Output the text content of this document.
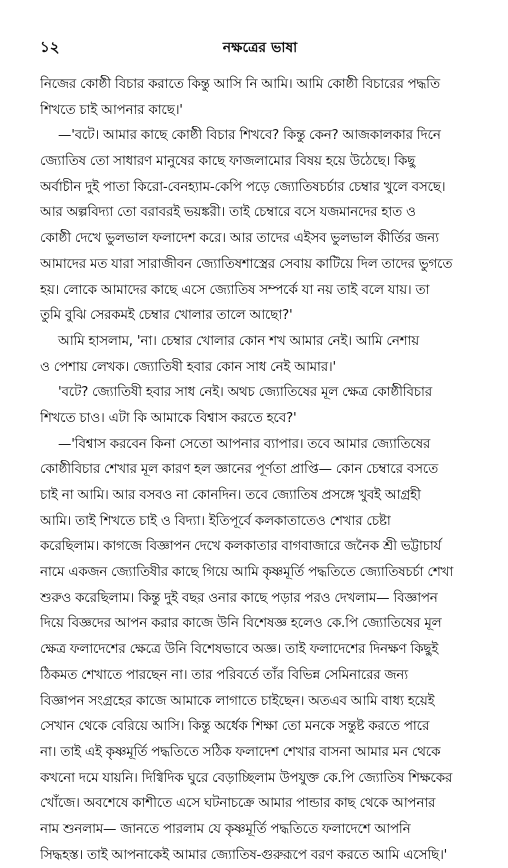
১২	নক্ষত্রের ভাষা
নিজের কোষ্ঠী বিচার করাতে কিন্তু আসি নি আমি। আমি কোষ্ঠী বিচারের পদ্ধতি
শিখতে চাই আপনার কাছে।'
—'বটে। আমার কাছে কোষ্ঠী বিচার শিখবে? কিন্তু কেন? আজকালকার দিনে
জ্যোতিষ তো সাধারণ মানুষের কাছে ফাজলামোর বিষয় হয়ে উঠেছে। কিছু
অর্বাচীন দুই পাতা কিরো-বেনহ্যাম-কেপি পড়ে জ্যোতিষচর্চার চেম্বার খুলে বসছে।
আর অল্পবিদ্যা তো বরাবরই ভয়ঙ্করী। তাই চেম্বারে বসে যজমানদের হাত ও
কোষ্ঠী দেখে ভুলভাল ফলাদেশ করে। আর তাদের এইসব ভুলভাল কীর্তির জন্য
আমাদের মত যারা সারাজীবন জ্যোতিষশাস্ত্রের সেবায় কাটিয়ে দিল তাদের ভুগতে
হয়। লোকে আমাদের কাছে এসে জ্যোতিষ সম্পর্কে যা নয় তাই বলে যায়। তা
তুমি বুঝি সেরকমই চেম্বার খোলার তালে আছো?'
আমি হাসলাম, 'না। চেম্বার খোলার কোন শখ আমার নেই। আমি নেশায়
ও পেশায় লেখক। জ্যোতিষী হবার কোন সাধ নেই আমার।'
'বটে? জ্যোতিষী হবার সাধ নেই। অথচ জ্যোতিষের মূল ক্ষেত্র কোষ্ঠীবিচার
শিখতে চাও। এটা কি আমাকে বিশ্বাস করতে হবে?'
—'বিশ্বাস করবেন কিনা সেতো আপনার ব্যাপার। তবে আমার জ্যোতিষের
কোষ্ঠীবিচার শেখার মূল কারণ হল জ্ঞানের পূর্ণতা প্রাপ্তি— কোন চেম্বারে বসতে
চাই না আমি। আর বসবও না কোনদিন। তবে জ্যোতিষ প্রসঙ্গে খুবই আগ্রহী
আমি। তাই শিখতে চাই ও বিদ্যা। ইতিপূর্বে কলকাতাতেও শেখার চেষ্টা
করেছিলাম। কাগজে বিজ্ঞাপন দেখে কলকাতার বাগবাজারে জনৈক শ্রী ভট্টাচার্য
নামে একজন জ্যোতিষীর কাছে গিয়ে আমি কৃষ্ণমূর্তি পদ্ধতিতে জ্যোতিষচর্চা শেখা
শুরুও করেছিলাম। কিন্তু দুই বছর ওনার কাছে পড়ার পরও দেখলাম— বিজ্ঞাপন
দিয়ে বিজ্ঞদের আপন করার কাজে উনি বিশেষজ্ঞ হলেও কে.পি জ্যোতিষের মূল
ক্ষেত্র ফলাদেশের ক্ষেত্রে উনি বিশেষভাবে অজ্ঞ। তাই ফলাদেশের দিনক্ষণ কিছুই
ঠিকমত শেখাতে পারছেন না। তার পরিবর্তে তাঁর বিভিন্ন সেমিনারের জন্য
বিজ্ঞাপন সংগ্রহের কাজে আমাকে লাগাতে চাইছেন। অতএব আমি বাধ্য হয়েই
সেখান থেকে বেরিয়ে আসি। কিন্তু অর্ধেক শিক্ষা তো মনকে সন্তুষ্ট করতে পারে
না। তাই এই কৃষ্ণমূর্তি পদ্ধতিতে সঠিক ফলাদেশ শেখার বাসনা আমার মন থেকে
কখনো দমে যায়নি। দিগ্বিদিক ঘুরে বেড়াচ্ছিলাম উপযুক্ত কে.পি জ্যোতিষ শিক্ষকের
খোঁজে। অবশেষে কাশীতে এসে ঘটনাচক্রে আমার পান্ডার কাছ থেকে আপনার
নাম শুনলাম— জানতে পারলাম যে কৃষ্ণমূর্তি পদ্ধতিতে ফলাদেশে আপনি
সিদ্ধহস্ত। তাই আপনাকেই আমার জ্যোতিষ-গুরুরূপে বরণ করতে আমি এসেছি।'
